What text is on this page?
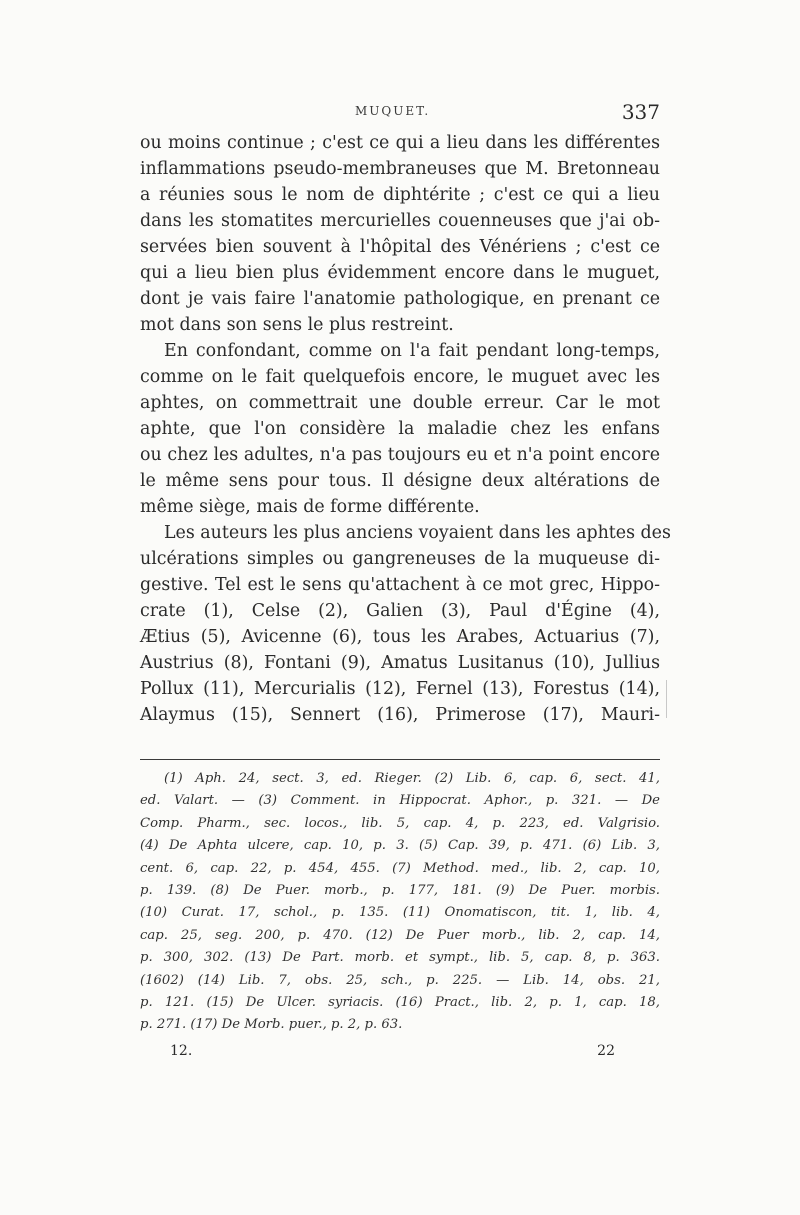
MUQUET.	337
ou moins continue ; c'est ce qui a lieu dans les différentes
inflammations pseudo-membraneuses que M. Bretonneau
a réunies sous le nom de diphtérite ; c'est ce qui a lieu
dans les stomatites mercurielles couenneuses que j'ai ob-
servées bien souvent à l'hôpital des Vénériens ; c'est ce
qui a lieu bien plus évidemment encore dans le muguet,
dont je vais faire l'anatomie pathologique, en prenant ce
mot dans son sens le plus restreint.
En confondant, comme on l'a fait pendant long-temps,
comme on le fait quelquefois encore, le muguet avec les
aphtes, on commettrait une double erreur. Car le mot
aphte, que l'on considère la maladie chez les enfans
ou chez les adultes, n'a pas toujours eu et n'a point encore
le même sens pour tous. Il désigne deux altérations de
même siège, mais de forme différente.
Les auteurs les plus anciens voyaient dans les aphtes des
ulcérations simples ou gangreneuses de la muqueuse di-
gestive. Tel est le sens qu'attachent à ce mot grec, Hippo-
crate (1), Celse (2), Galien (3), Paul d'Égine (4),
Ætius (5), Avicenne (6), tous les Arabes, Actuarius (7),
Austrius (8), Fontani (9), Amatus Lusitanus (10), Jullius
Pollux (11), Mercurialis (12), Fernel (13), Forestus (14),
Alaymus (15), Sennert (16), Primerose (17), Mauri-
(1) Aph. 24, sect. 3, ed. Rieger. (2) Lib. 6, cap. 6, sect. 41,
ed. Valart. — (3) Comment. in Hippocrat. Aphor., p. 321. — De
Comp. Pharm., sec. locos., lib. 5, cap. 4, p. 223, ed. Valgrisio.
(4) De Aphta ulcere, cap. 10, p. 3. (5) Cap. 39, p. 471. (6) Lib. 3,
cent. 6, cap. 22, p. 454, 455. (7) Method. med., lib. 2, cap. 10,
p. 139. (8) De Puer. morb., p. 177, 181. (9) De Puer. morbis.
(10) Curat. 17, schol., p. 135. (11) Onomatiscon, tit. 1, lib. 4,
cap. 25, seg. 200, p. 470. (12) De Puer morb., lib. 2, cap. 14,
p. 300, 302. (13) De Part. morb. et sympt., lib. 5, cap. 8, p. 363.
(1602) (14) Lib. 7, obs. 25, sch., p. 225. — Lib. 14, obs. 21,
p. 121. (15) De Ulcer. syriacis. (16) Pract., lib. 2, p. 1, cap. 18,
p. 271. (17) De Morb. puer., p. 2, p. 63.
12.	22
